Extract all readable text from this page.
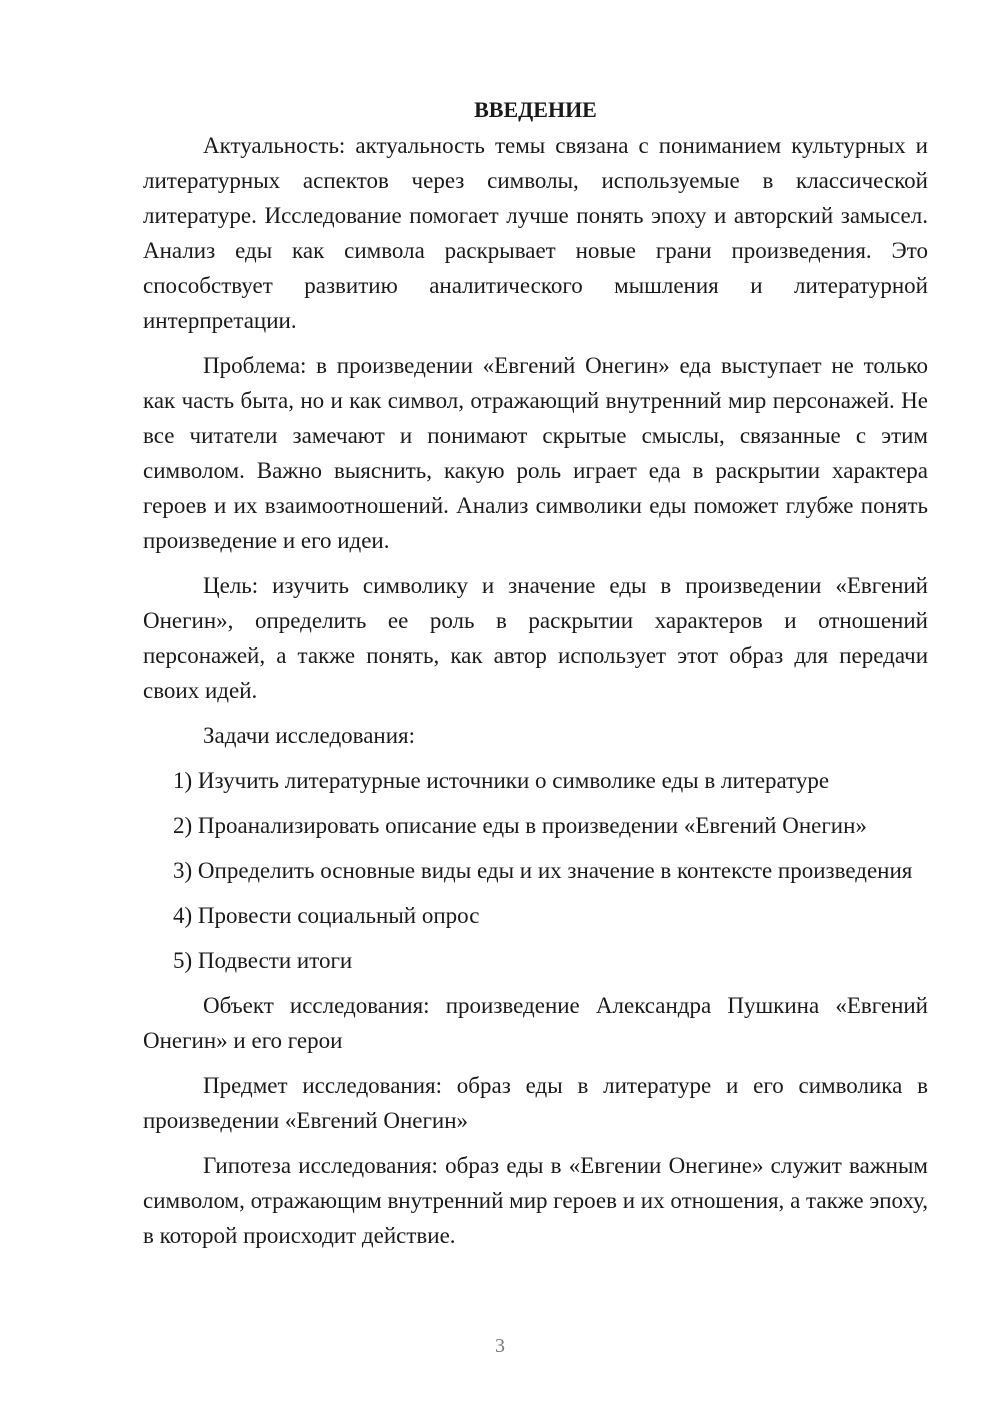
ВВЕДЕНИЕ

Актуальность: актуальность темы связана с пониманием культурных и литературных аспектов через символы, используемые в классической литературе. Исследование помогает лучше понять эпоху и авторский замысел. Анализ еды как символа раскрывает новые грани произведения. Это способствует развитию аналитического мышления и литературной интерпретации.

Проблема: в произведении «Евгений Онегин» еда выступает не только как часть быта, но и как символ, отражающий внутренний мир персонажей. Не все читатели замечают и понимают скрытые смыслы, связанные с этим символом. Важно выяснить, какую роль играет еда в раскрытии характера героев и их взаимоотношений. Анализ символики еды поможет глубже понять произведение и его идеи.

Цель: изучить символику и значение еды в произведении «Евгений Онегин», определить ее роль в раскрытии характеров и отношений персонажей, а также понять, как автор использует этот образ для передачи своих идей.

Задачи исследования:

1) Изучить литературные источники о символике еды в литературе

2) Проанализировать описание еды в произведении «Евгений Онегин»

3) Определить основные виды еды и их значение в контексте произведения

4) Провести социальный опрос

5) Подвести итоги

Объект исследования: произведение Александра Пушкина «Евгений Онегин» и его герои

Предмет исследования: образ еды в литературе и его символика в произведении «Евгений Онегин»

Гипотеза исследования: образ еды в «Евгении Онегине» служит важным символом, отражающим внутренний мир героев и их отношения, а также эпоху, в которой происходит действие.

3
